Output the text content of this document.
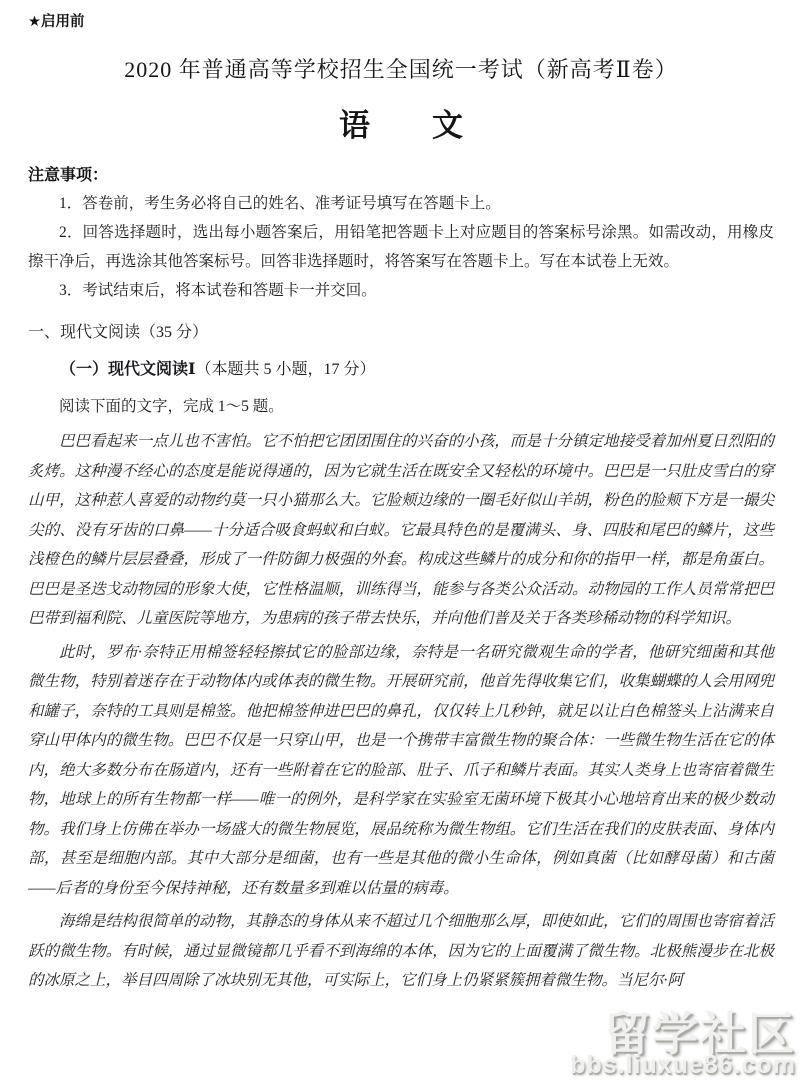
★启用前
2020 年普通高等学校招生全国统一考试（新高考Ⅱ卷）
语　　文
注意事项：
1．答卷前，考生务必将自己的姓名、准考证号填写在答题卡上。
2．回答选择题时，选出每小题答案后，用铅笔把答题卡上对应题目的答案标号涂黑。如需改动，用橡皮擦干净后，再选涂其他答案标号。回答非选择题时，将答案写在答题卡上。写在本试卷上无效。
3．考试结束后，将本试卷和答题卡一并交回。
一、现代文阅读（35 分）
（一）现代文阅读Ⅰ（本题共 5 小题，17 分）
阅读下面的文字，完成 1～5 题。

巴巴看起来一点儿也不害怕。它不怕把它团团围住的兴奋的小孩，而是十分镇定地接受着加州夏日烈阳的炙烤。这种漫不经心的态度是能说得通的，因为它就生活在既安全又轻松的环境中。巴巴是一只肚皮雪白的穿山甲，这种惹人喜爱的动物约莫一只小猫那么大。它脸颊边缘的一圈毛好似山羊胡，粉色的脸颊下方是一撮尖尖的、没有牙齿的口鼻——十分适合吸食蚂蚁和白蚁。它最具特色的是覆满头、身、四肢和尾巴的鳞片，这些浅橙色的鳞片层层叠叠，形成了一件防御力极强的外套。构成这些鳞片的成分和你的指甲一样，都是角蛋白。巴巴是圣迭戈动物园的形象大使，它性格温顺，训练得当，能参与各类公众活动。动物园的工作人员常常把巴巴带到福利院、儿童医院等地方，为患病的孩子带去快乐，并向他们普及关于各类珍稀动物的科学知识。

此时，罗布·奈特正用棉签轻轻擦拭它的脸部边缘，奈特是一名研究微观生命的学者，他研究细菌和其他微生物，特别着迷存在于动物体内或体表的微生物。开展研究前，他首先得收集它们，收集蝴蝶的人会用网兜和罐子，奈特的工具则是棉签。他把棉签伸进巴巴的鼻孔，仅仅转上几秒钟，就足以让白色棉签头上沾满来自穿山甲体内的微生物。巴巴不仅是一只穿山甲，也是一个携带丰富微生物的聚合体：一些微生物生活在它的体内，绝大多数分布在肠道内，还有一些附着在它的脸部、肚子、爪子和鳞片表面。其实人类身上也寄宿着微生物，地球上的所有生物都一样——唯一的例外，是科学家在实验室无菌环境下极其小心地培育出来的极少数动物。我们身上仿佛在举办一场盛大的微生物展览，展品统称为微生物组。它们生活在我们的皮肤表面、身体内部，甚至是细胞内部。其中大部分是细菌，也有一些是其他的微小生命体，例如真菌（比如酵母菌）和古菌——后者的身份至今保持神秘，还有数量多到难以估量的病毒。

海绵是结构很简单的动物，其静态的身体从来不超过几个细胞那么厚，即使如此，它们的周围也寄宿着活跃的微生物。有时候，通过显微镜都几乎看不到海绵的本体，因为它的上面覆满了微生物。北极熊漫步在北极的冰原之上，举目四周除了冰块别无其他，可实际上，它们身上仍紧紧簇拥着微生物。当尼尔·阿

留学社区
bbs.liuxue86.com
